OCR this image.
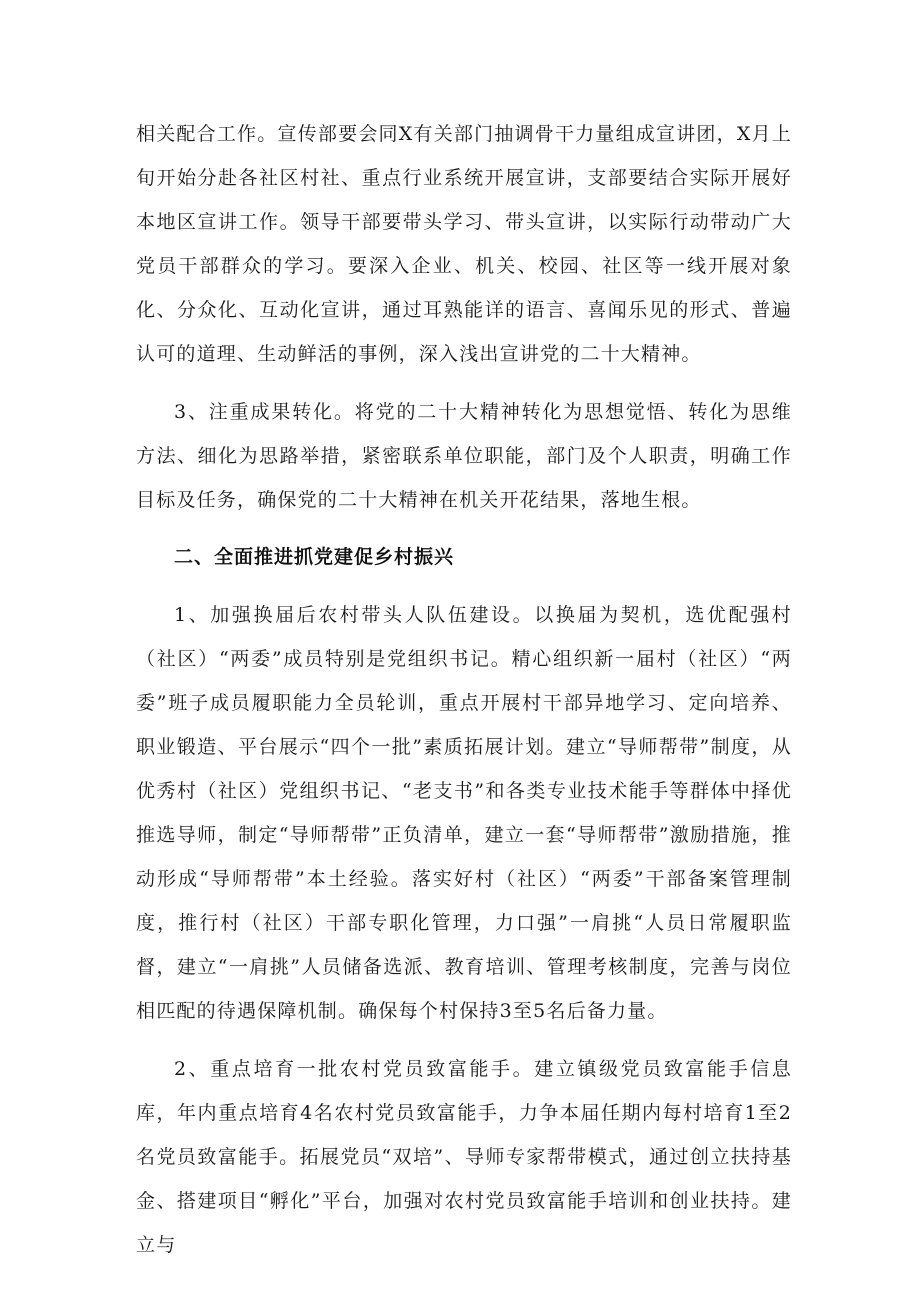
相关配合工作。宣传部要会同X有关部门抽调骨干力量组成宣讲团，X月上旬开始分赴各社区村社、重点行业系统开展宣讲，支部要结合实际开展好本地区宣讲工作。领导干部要带头学习、带头宣讲，以实际行动带动广大党员干部群众的学习。要深入企业、机关、校园、社区等一线开展对象化、分众化、互动化宣讲，通过耳熟能详的语言、喜闻乐见的形式、普遍认可的道理、生动鲜活的事例，深入浅出宣讲党的二十大精神。

3、注重成果转化。将党的二十大精神转化为思想觉悟、转化为思维方法、细化为思路举措，紧密联系单位职能，部门及个人职责，明确工作目标及任务，确保党的二十大精神在机关开花结果，落地生根。

二、全面推进抓党建促乡村振兴

1、加强换届后农村带头人队伍建设。以换届为契机，选优配强村（社区）“两委”成员特别是党组织书记。精心组织新一届村（社区）“两委”班子成员履职能力全员轮训，重点开展村干部异地学习、定向培养、职业锻造、平台展示“四个一批”素质拓展计划。建立“导师帮带”制度，从优秀村（社区）党组织书记、“老支书”和各类专业技术能手等群体中择优推选导师，制定“导师帮带”正负清单，建立一套“导师帮带”激励措施，推动形成“导师帮带”本土经验。落实好村（社区）“两委”干部备案管理制度，推行村（社区）干部专职化管理，力口强”一肩挑“人员日常履职监督，建立“一肩挑”人员储备选派、教育培训、管理考核制度，完善与岗位相匹配的待遇保障机制。确保每个村保持3至5名后备力量。

2、重点培育一批农村党员致富能手。建立镇级党员致富能手信息库，年内重点培育4名农村党员致富能手，力争本届任期内每村培育1至2名党员致富能手。拓展党员“双培”、导师专家帮带模式，通过创立扶持基金、搭建项目“孵化”平台，加强对农村党员致富能手培训和创业扶持。建立与
